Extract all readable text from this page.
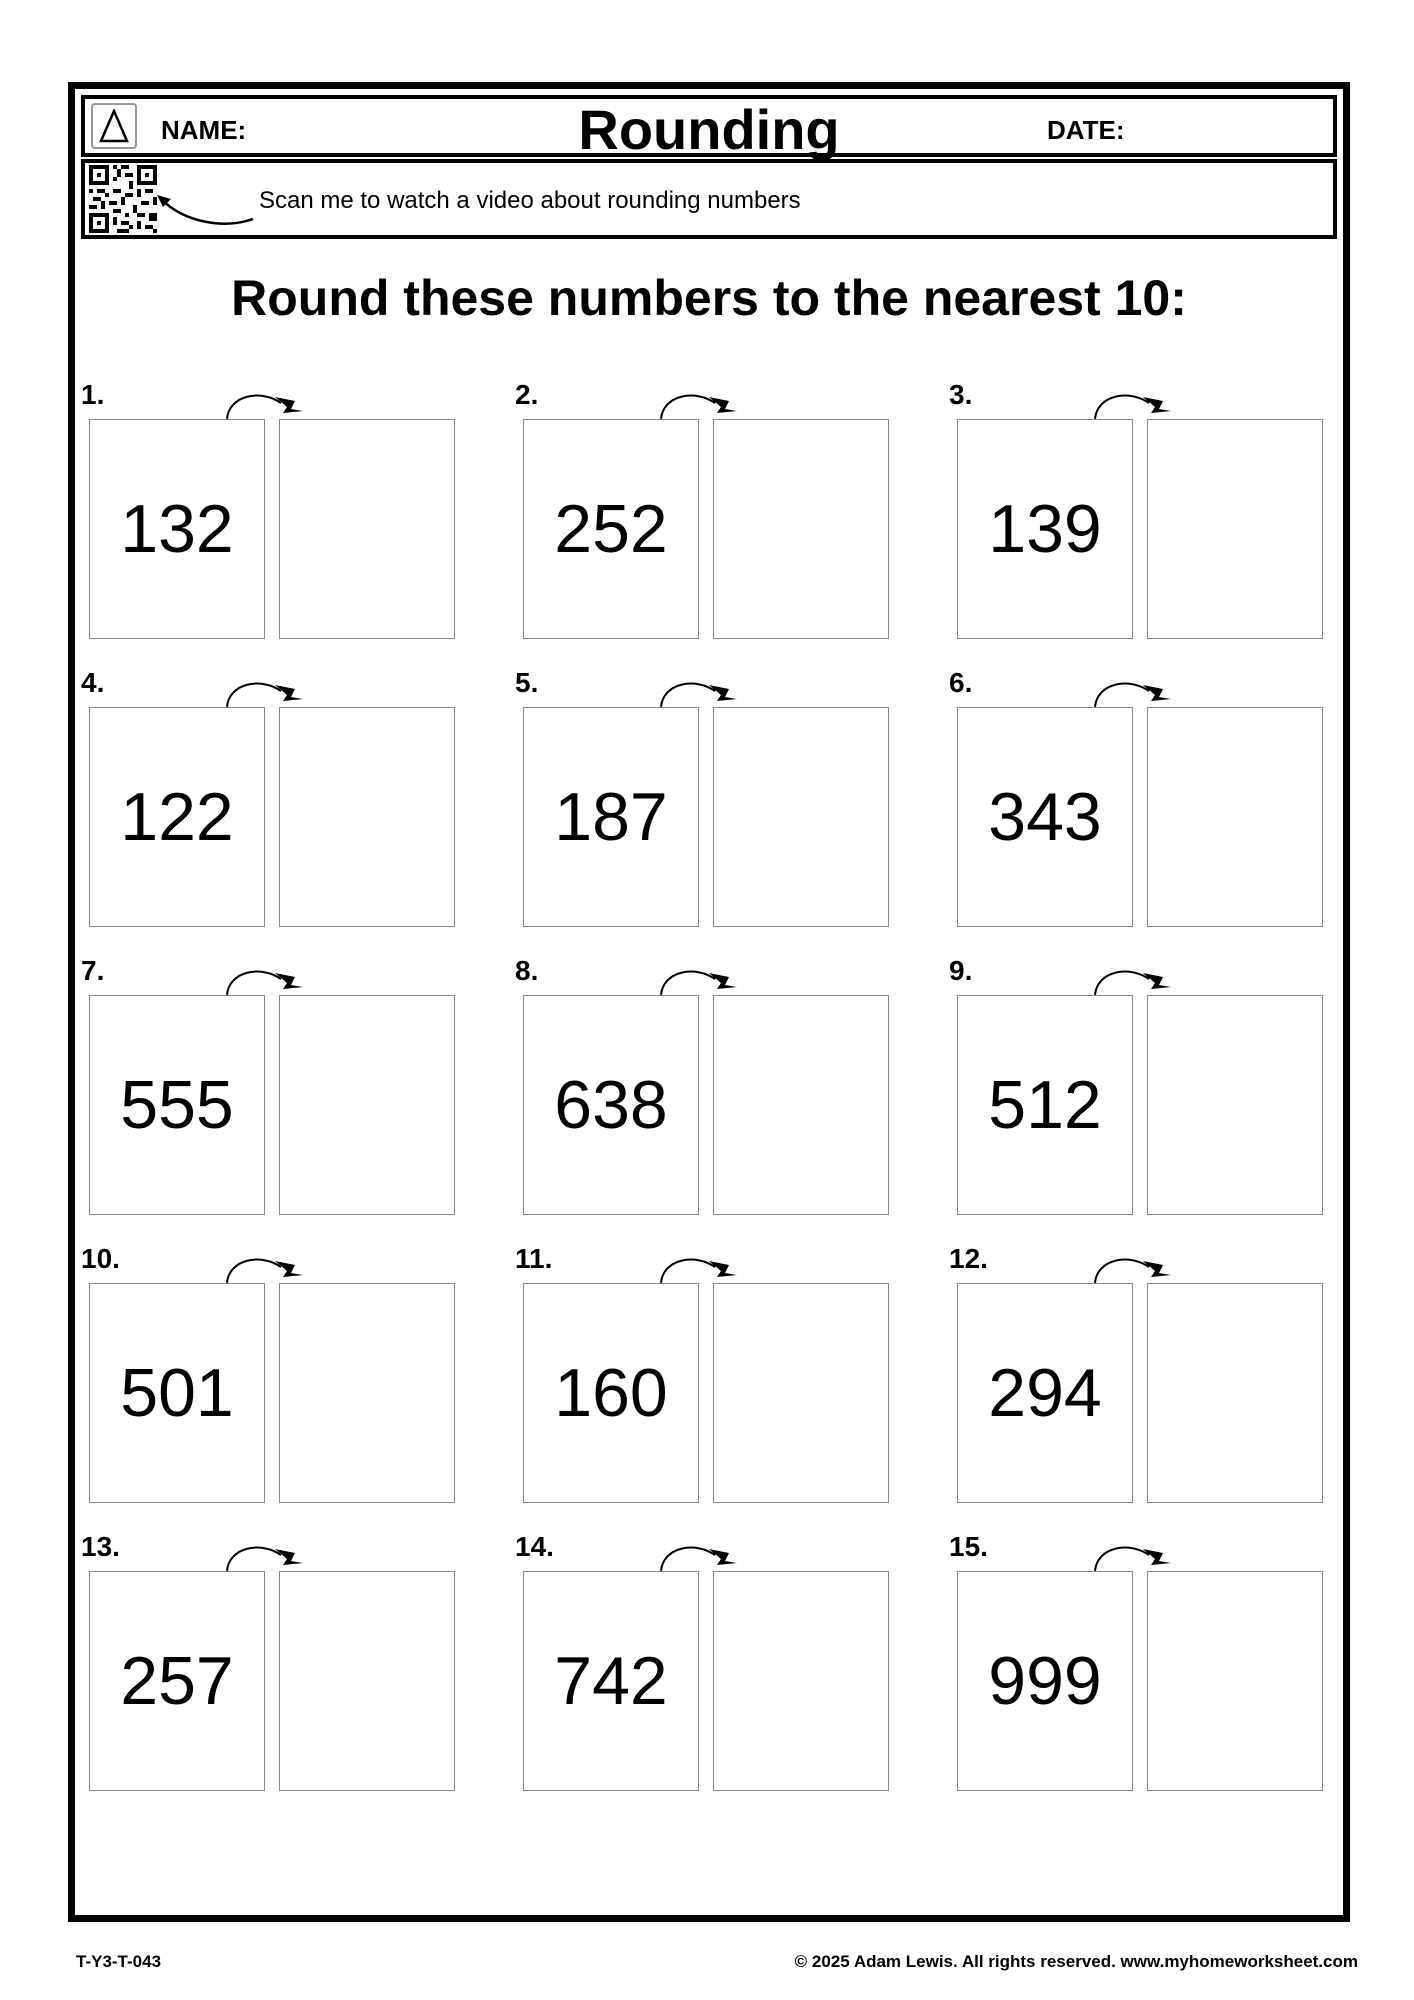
NAME:	Rounding	DATE:
Scan me to watch a video about rounding numbers
Round these numbers to the nearest 10:
1.
132
2.
252
3.
139
4.
122
5.
187
6.
343
7.
555
8.
638
9.
512
10.
501
11.
160
12.
294
13.
257
14.
742
15.
999
T-Y3-T-043	© 2025 Adam Lewis. All rights reserved. www.myhomeworksheet.com
